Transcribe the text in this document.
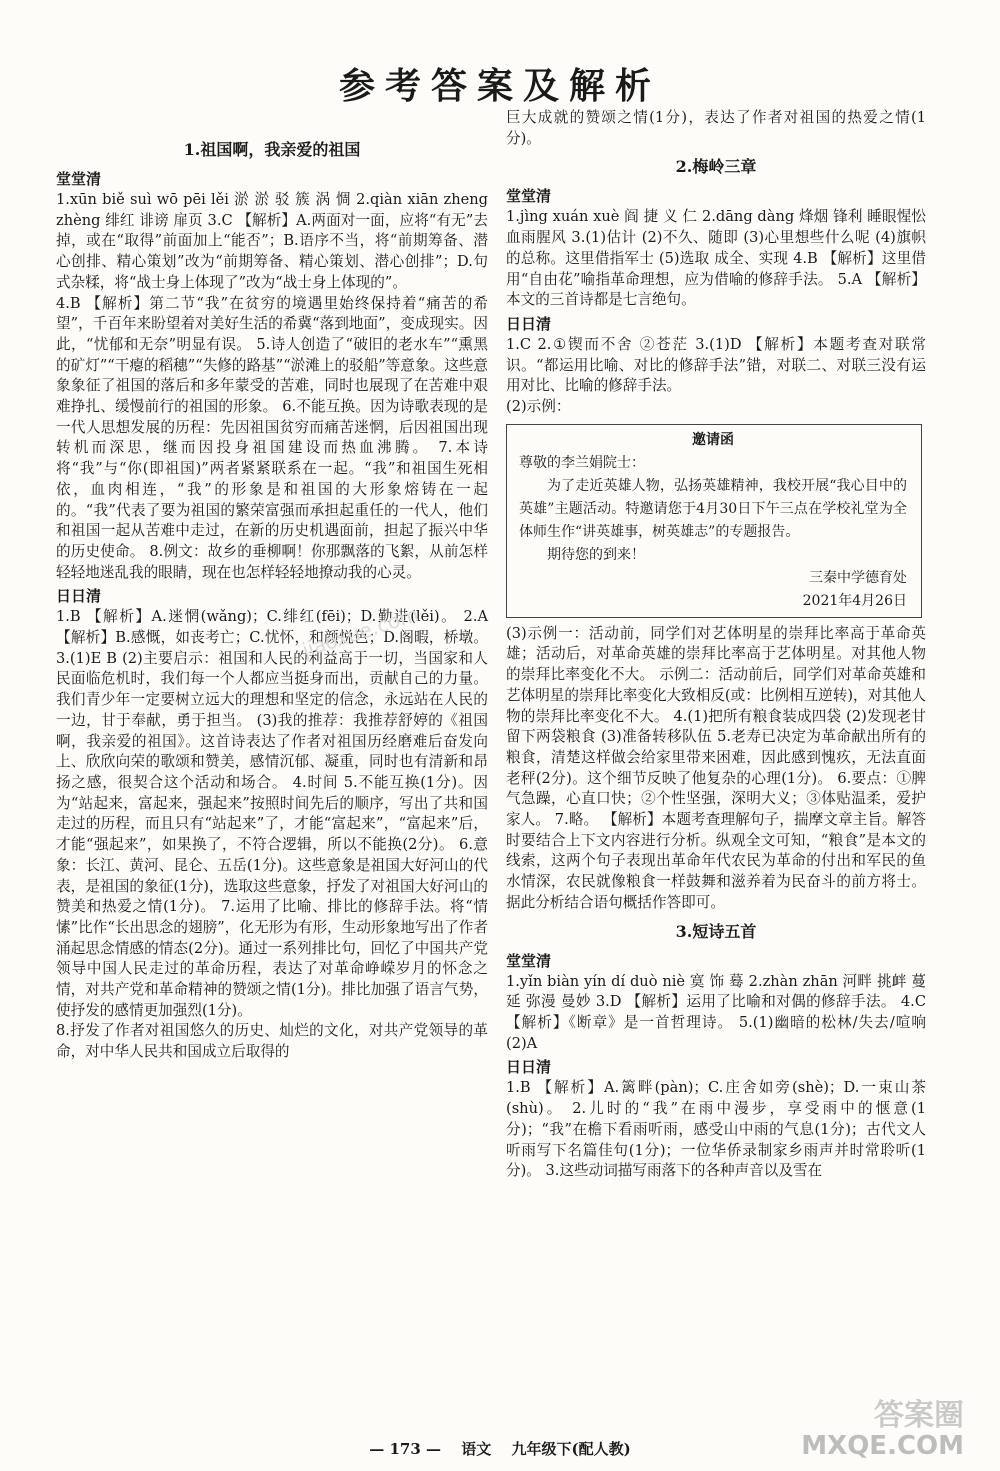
参考答案及解析
1.祖国啊，我亲爱的祖国
堂堂清

1.xūn biě suì wō pēi lěi 淤 淤 驳 簇 涡 惆 2.qiàn xiān zheng zhèng 绯红 诽谤 扉页 3.C 【解析】A.两面对一面，应将“有无”去掉，或在“取得”前面加上“能否”；B.语序不当，将“前期筹备、潜心创排、精心策划”改为“前期筹备、精心策划、潜心创排”；D.句式杂糅，将“战士身上体现了”改为“战士身上体现的”。

4.B 【解析】第二节“我”在贫穷的境遇里始终保持着“痛苦的希望”，千百年来盼望着对美好生活的希冀“落到地面”，变成现实。因此，“忧郁和无奈”明显有误。 5.诗人创造了“破旧的老水车”“熏黑的矿灯”“干瘪的稻穗”“失修的路基”“淤滩上的驳船”等意象。这些意象象征了祖国的落后和多年蒙受的苦难，同时也展现了在苦难中艰难挣扎、缓慢前行的祖国的形象。 6.不能互换。因为诗歌表现的是一代人思想发展的历程：先因祖国贫穷而痛苦迷惘，后因祖国出现转机而深思，继而因投身祖国建设而热血沸腾。 7.本诗将“我”与“你(即祖国)”两者紧紧联系在一起。“我”和祖国生死相依，血肉相连，“我”的形象是和祖国的大形象熔铸在一起的。“我”代表了要为祖国的繁荣富强而承担起重任的一代人，他们和祖国一起从苦难中走过，在新的历史机遇面前，担起了振兴中华的历史使命。 8.例文：故乡的垂柳啊！你那飘落的飞絮，从前怎样轻轻地迷乱我的眼睛，现在也怎样轻轻地撩动我的心灵。

日日清

1.B 【解析】A.迷惘(wǎng)；C.绯红(fēi)；D.勤进(lěi)。 2.A 【解析】B.感慨，如丧考亡；C.忧怀，和颜悦色；D.阁暇，桥墩。 3.(1)E B (2)主要启示：祖国和人民的利益高于一切，当国家和人民面临危机时，我们每一个人都应当挺身而出，贡献自己的力量。我们青少年一定要树立远大的理想和坚定的信念，永远站在人民的一边，甘于奉献，勇于担当。 (3)我的推荐：我推荐舒婷的《祖国啊，我亲爱的祖国》。这首诗表达了作者对祖国历经磨难后奋发向上、欣欣向荣的歌颂和赞美，感情沉郁、凝重，同时也有清新和昂扬之感，很契合这个活动和场合。 4.时间 5.不能互换(1分)。因为“站起来，富起来，强起来”按照时间先后的顺序，写出了共和国走过的历程，而且只有“站起来”了，才能“富起来”，“富起来”后，才能“强起来”，如果换了，不符合逻辑，所以不能换(2分)。 6.意象：长江、黄河、昆仑、五岳(1分)。这些意象是祖国大好河山的代表，是祖国的象征(1分)，选取这些意象，抒发了对祖国大好河山的赞美和热爱之情(1分)。 7.运用了比喻、排比的修辞手法。将“情愫”比作“长出思念的翅膀”，化无形为有形，生动形象地写出了作者涌起思念情感的情态(2分)。通过一系列排比句，回忆了中国共产党领导中国人民走过的革命历程，表达了对革命峥嵘岁月的怀念之情，对共产党和革命精神的赞颂之情(1分)。排比加强了语言气势，使抒发的感情更加强烈(1分)。

8.抒发了作者对祖国悠久的历史、灿烂的文化，对共产党领导的革命，对中华人民共和国成立后取得的

巨大成就的赞颂之情(1分)，表达了作者对祖国的热爱之情(1分)。

2.梅岭三章
堂堂清

1.jìng xuán xuè 阎 捷 义 仁 2.dāng dàng 烽烟 锋利 睡眼惺忪 血雨腥风 3.(1)估计 (2)不久、随即 (3)心里想些什么呢 (4)旗帜的总称。这里借指军士 (5)选取 成全、实现 4.B 【解析】这里借用“自由花”喻指革命理想，应为借喻的修辞手法。 5.A 【解析】本文的三首诗都是七言绝句。

日日清

1.C 2.①锲而不舍 ②苍茫 3.(1)D 【解析】本题考查对联常识。“都运用比喻、对比的修辞手法”错，对联二、对联三没有运用对比、比喻的修辞手法。

(2)示例：

邀请函
尊敬的李兰娟院士：
为了走近英雄人物，弘扬英雄精神，我校开展“我心目中的英雄”主题活动。特邀请您于4月30日下午三点在学校礼堂为全体师生作“讲英雄事，树英雄志”的专题报告。
期待您的到来！
三秦中学德育处
2021年4月26日

(3)示例一：活动前，同学们对艺体明星的崇拜比率高于革命英雄；活动后，对革命英雄的崇拜比率高于艺体明星。对其他人物的崇拜比率变化不大。 示例二：活动前后，同学们对革命英雄和艺体明星的崇拜比率变化大致相反(或：比例相互逆转)，对其他人物的崇拜比率变化不大。 4.(1)把所有粮食装成四袋 (2)发现老甘留下两袋粮食 (3)准备转移队伍 5.老寿已决定为革命献出所有的粮食，清楚这样做会给家里带来困难，因此感到愧疚，无法直面老秤(2分)。这个细节反映了他复杂的心理(1分)。 6.要点：①脾气急躁，心直口快；②个性坚强，深明大义；③体贴温柔，爱护家人。 7.略。 【解析】本题考查理解句子，揣摩文章主旨。解答时要结合上下文内容进行分析。纵观全文可知，“粮食”是本文的线索，这两个句子表现出革命年代农民为革命的付出和军民的鱼水情深，农民就像粮食一样鼓舞和滋养着为民奋斗的前方将士。据此分析结合语句概括作答即可。

3.短诗五首
堂堂清

1.yǐn biàn yín dí duò niè 寞 饰 蓦 2.zhàn zhān 河畔 挑衅 蔓延 弥漫 曼妙 3.D 【解析】运用了比喻和对偶的修辞手法。 4.C 【解析】《断章》是一首哲理诗。 5.(1)幽暗的松林/失去/喧响 (2)A

日日清

1.B 【解析】A.篱畔(pàn)；C.庄舍如旁(shè)；D.一束山茶(shù)。 2.儿时的“我”在雨中漫步，享受雨中的惬意(1分)；“我”在檐下看雨听雨，感受山中雨的气息(1分)；古代文人听雨写下名篇佳句(1分)；一位华侨录制家乡雨声并时常聆听(1分)。 3.这些动词描写雨落下的各种声音以及雪在

— 173 —　 语文　 九年级下(配人教)
jiaoxue.com
答案圈
MXQE.COM
